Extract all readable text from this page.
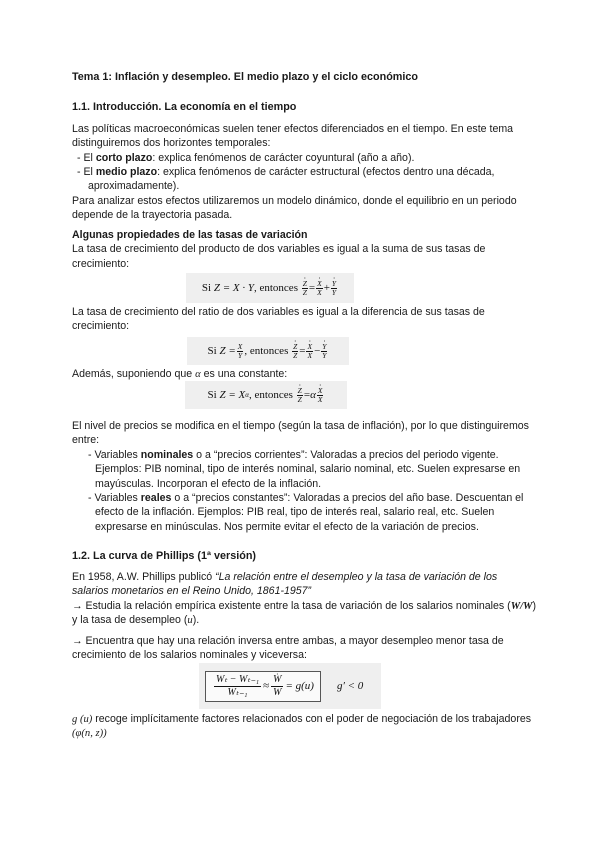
Tema 1: Inflación y desempleo. El medio plazo y el ciclo económico
1.1. Introducción. La economía en el tiempo
Las políticas macroeconómicas suelen tener efectos diferenciados en el tiempo. En este tema
distinguiremos dos horizontes temporales:
- El corto plazo: explica fenómenos de carácter coyuntural (año a año).
- El medio plazo: explica fenómenos de carácter estructural (efectos dentro una década,
aproximadamente).
Para analizar estos efectos utilizaremos un modelo dinámico, donde el equilibrio en un periodo
depende de la trayectoria pasada.
Algunas propiedades de las tasas de variación
La tasa de crecimiento del producto de dos variables es igual a la suma de sus tasas de
crecimiento:
Si
Z = X · Y , entonces
· Z
Z = · X
X + · Y
Y
La tasa de crecimiento del ratio de dos variables es igual a la diferencia de sus tasas de
crecimiento:
Si
$Z = \frac{X}{Y}$ , entonces
· Z
Z = · X
X − · Y
Y
Además, suponiendo que α es una constante:
Si
Z = X α , entonces
· Z
Z = α · X
X
El nivel de precios se modifica en el tiempo (según la tasa de inflación), por lo que distinguiremos
entre:
- Variables nominales o a “precios corrientes”: Valoradas a precios del periodo vigente.
Ejemplos: PIB nominal, tipo de interés nominal, salario nominal, etc. Suelen expresarse en
mayúsculas. Incorporan el efecto de la inflación.
- Variables reales o a “precios constantes”: Valoradas a precios del año base. Descuentan el
efecto de la inflación. Ejemplos: PIB real, tipo de interés real, salario real, etc. Suelen
expresarse en minúsculas. Nos permite evitar el efecto de la variación de precios.
1.2. La curva de Phillips (1ª versión)
En 1958, A.W. Phillips publicó “La relación entre el desempleo y la tasa de variación de los
salarios monetarios en el Reino Unido, 1861-1957”
→ Estudia la relación empírica existente entre la tasa de variación de los salarios nominales (W/W)
y la tasa de desempleo (u).
→ Encuentra que hay una relación inversa entre ambas, a mayor desempleo menor tasa de
crecimiento de los salarios nominales y viceversa:
$\frac{\text{Wₜ − Wₜ₋₁}}{\text{Wₜ₋₁}}$ ≈ · $\frac{W}{W} = g(u) g' < 0$
g (u) recoge implícitamente factores relacionados con el poder de negociación de los trabajadores
(φ(n, z))
